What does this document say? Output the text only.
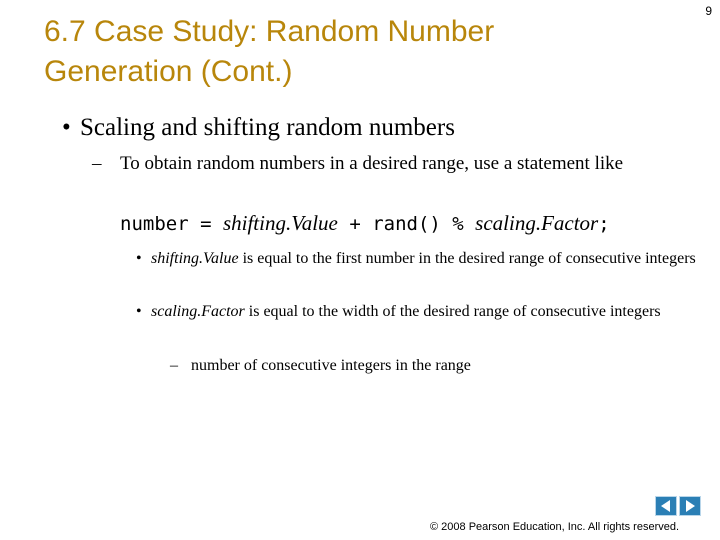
9
6.7 Case Study: Random Number
Generation (Cont.)
• Scaling and shifting random numbers
– To obtain random numbers in a desired range, use a statement like
number = shifting.Value + rand() % scaling.Factor;
• shifting.Value is equal to the first number in the desired range of consecutive integers
• scaling.Factor is equal to the width of the desired range of consecutive integers
– number of consecutive integers in the range
© 2008 Pearson Education, Inc. All rights reserved.
